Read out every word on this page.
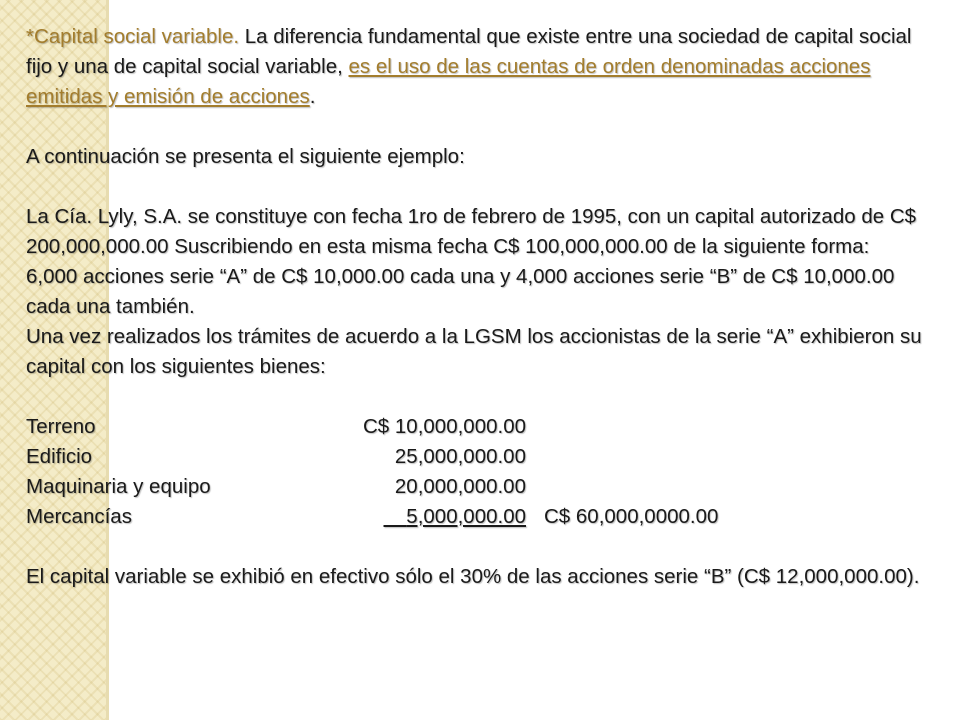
*Capital social variable. La diferencia fundamental que existe entre una sociedad de capital social fijo y una de capital social variable, es el uso de las cuentas de orden denominadas acciones emitidas y emisión de acciones.

A continuación se presenta el siguiente ejemplo:

La Cía. Lyly, S.A. se constituye con fecha 1ro de febrero de 1995, con un capital autorizado de C$ 200,000,000.00 Suscribiendo en esta misma fecha C$ 100,000,000.00 de la siguiente forma:

6,000 acciones serie “A” de C$ 10,000.00 cada una y 4,000 acciones serie “B” de C$ 10,000.00 cada una también.

Una vez realizados los trámites de acuerdo a la LGSM los accionistas de la serie “A” exhibieron su capital con los siguientes bienes:

Terreno	C$ 10,000,000.00
Edificio	25,000,000.00
Maquinaria y equipo	20,000,000.00
Mercancías	5,000,000.00 C$ 60,000,0000.00

El capital variable se exhibió en efectivo sólo el 30% de las acciones serie “B” (C$ 12,000,000.00).
